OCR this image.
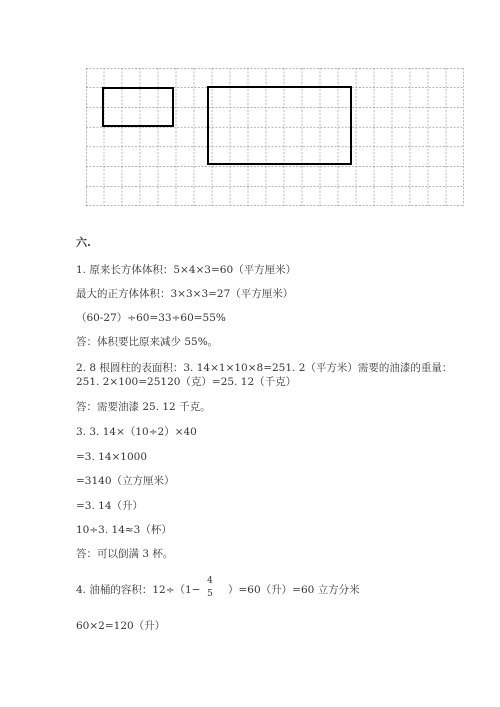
六.
1. 原来长方体体积：5×4×3=60（平方厘米）
最大的正方体体积：3×3×3=27（平方厘米）
（60-27）÷60=33÷60=55%
答：体积要比原来减少 55%。
2. 8 根圆柱的表面积：3. 14×1×10×8=251. 2（平方米）需要的油漆的重量：
251. 2×100=25120（克）=25. 12（千克）
答：需要油漆 25. 12 千克。
3. 3. 14×（10÷2）×40
=3. 14×1000
=3140（立方厘米）
=3. 14（升）
10÷3. 14≈3（杯）
答：可以倒满 3 杯。
4. 油桶的容积：12÷（1−
4
5 ）=60（升）=60 立方分米
60×2=120（升）
